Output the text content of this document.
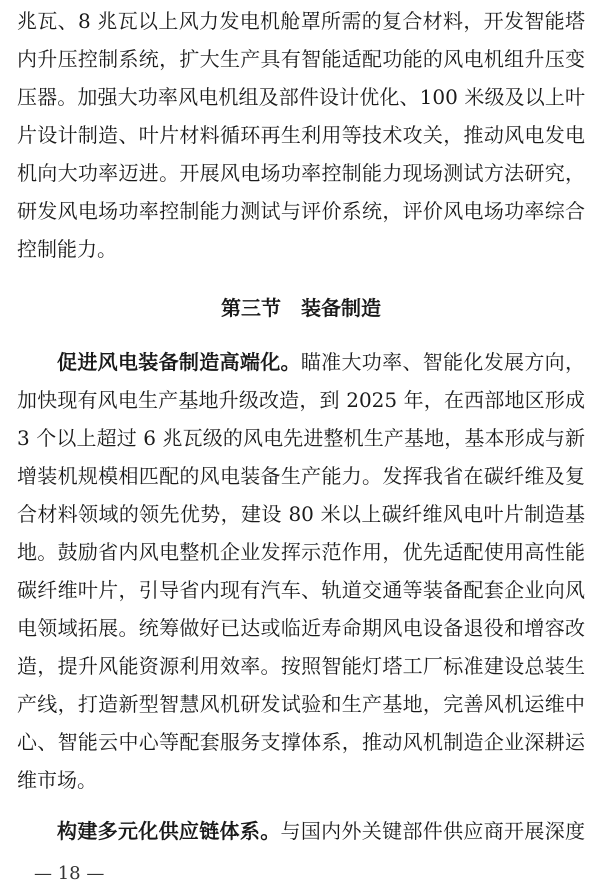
兆瓦、8 兆瓦以上风力发电机舱罩所需的复合材料，开发智能塔
内升压控制系统，扩大生产具有智能适配功能的风电机组升压变
压器。加强大功率风电机组及部件设计优化、100 米级及以上叶
片设计制造、叶片材料循环再生利用等技术攻关，推动风电发电
机向大功率迈进。开展风电场功率控制能力现场测试方法研究，
研发风电场功率控制能力测试与评价系统，评价风电场功率综合
控制能力。
第三节　装备制造
促进风电装备制造高端化。瞄准大功率、智能化发展方向，
加快现有风电生产基地升级改造，到 2025 年，在西部地区形成
3 个以上超过 6 兆瓦级的风电先进整机生产基地，基本形成与新
增装机规模相匹配的风电装备生产能力。发挥我省在碳纤维及复
合材料领域的领先优势，建设 80 米以上碳纤维风电叶片制造基
地。鼓励省内风电整机企业发挥示范作用，优先适配使用高性能
碳纤维叶片，引导省内现有汽车、轨道交通等装备配套企业向风
电领域拓展。统筹做好已达或临近寿命期风电设备退役和增容改
造，提升风能资源利用效率。按照智能灯塔工厂标准建设总装生
产线，打造新型智慧风机研发试验和生产基地，完善风机运维中
心、智能云中心等配套服务支撑体系，推动风机制造企业深耕运
维市场。
构建多元化供应链体系。与国内外关键部件供应商开展深度
— 18 —
